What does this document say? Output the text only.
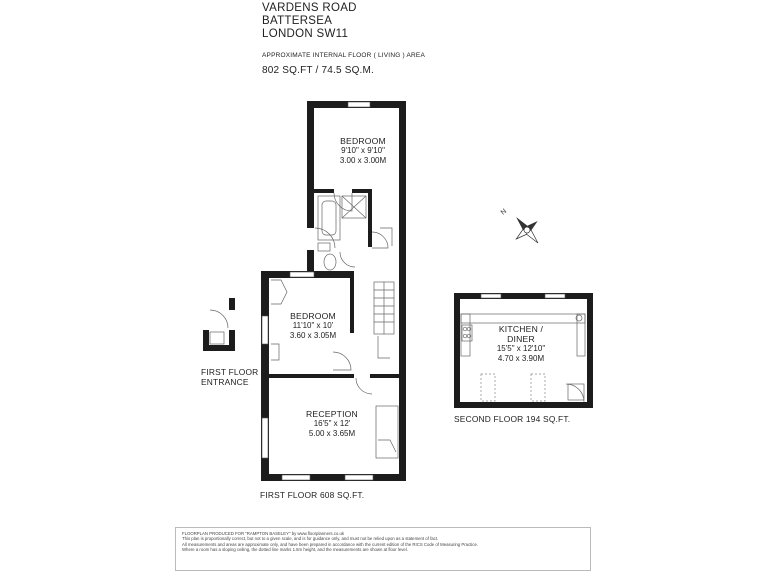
VARDENS ROAD
BATTERSEA
LONDON SW11
APPROXIMATE INTERNAL FLOOR ( LIVING ) AREA
802 SQ.FT / 74.5 SQ.M.
N
BEDROOM
9'10" x 9'10"
3.00 x 3.00M
BEDROOM
11'10" x 10'
3.60 x 3.05M
RECEPTION
16'5" x 12'
5.00 x 3.65M
KITCHEN /
DINER
15'5" x 12'10"
4.70 x 3.90M
FIRST FLOOR
ENTRANCE
FIRST FLOOR 608 SQ.FT.
SECOND FLOOR 194 SQ.FT.
FLOORPLAN PRODUCED FOR "RAMPTON BASELEY" by www.floorplanners.co.uk
This plan is proportionally correct, but not to a given scale, and is for guidance only, and must not be relied upon as a statement of fact.
All measurements and areas are approximate only, and have been prepared in accordance with the current edition of the RICS Code of Measuring Practice.
Where a room has a sloping ceiling, the dotted line marks 1.5m height, and the measurements are shown at floor level.
